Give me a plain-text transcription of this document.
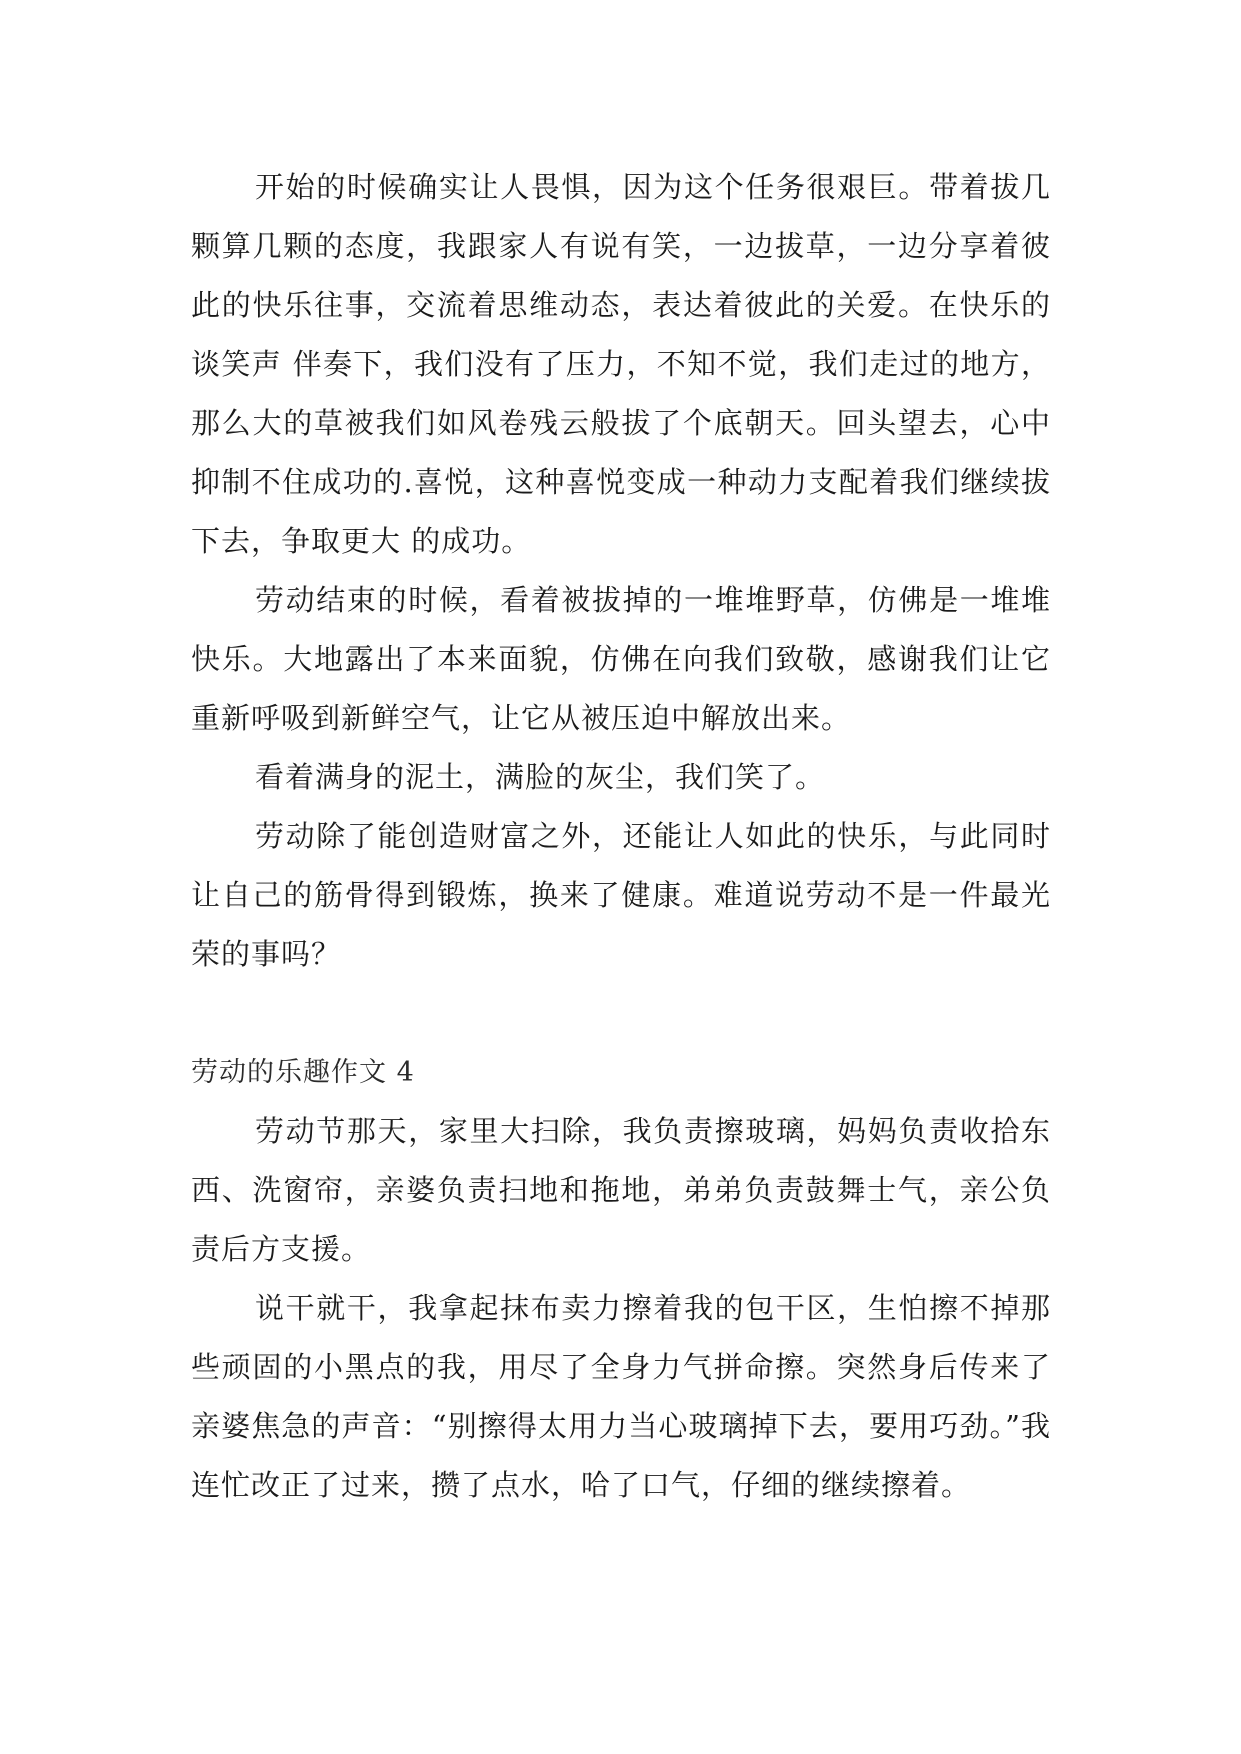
开始的时候确实让人畏惧，因为这个任务很艰巨。带着拔几颗算几颗的态度，我跟家人有说有笑，一边拔草，一边分享着彼此的快乐往事，交流着思维动态，表达着彼此的关爱。在快乐的谈笑声 伴奏下，我们没有了压力，不知不觉，我们走过的地方，那么大的草被我们如风卷残云般拔了个底朝天。回头望去，心中抑制不住成功的.喜悦，这种喜悦变成一种动力支配着我们继续拔下去，争取更大 的成功。

劳动结束的时候，看着被拔掉的一堆堆野草，仿佛是一堆堆快乐。大地露出了本来面貌，仿佛在向我们致敬，感谢我们让它重新呼吸到新鲜空气，让它从被压迫中解放出来。

看着满身的泥土，满脸的灰尘，我们笑了。

劳动除了能创造财富之外，还能让人如此的快乐，与此同时让自己的筋骨得到锻炼，换来了健康。难道说劳动不是一件最光荣的事吗？

劳动的乐趣作文 4

劳动节那天，家里大扫除，我负责擦玻璃，妈妈负责收拾东西、洗窗帘，亲婆负责扫地和拖地，弟弟负责鼓舞士气，亲公负责后方支援。

说干就干，我拿起抹布卖力擦着我的包干区，生怕擦不掉那些顽固的小黑点的我，用尽了全身力气拼命擦。突然身后传来了亲婆焦急的声音：“别擦得太用力当心玻璃掉下去，要用巧劲。”我连忙改正了过来，攒了点水，哈了口气，仔细的继续擦着。
